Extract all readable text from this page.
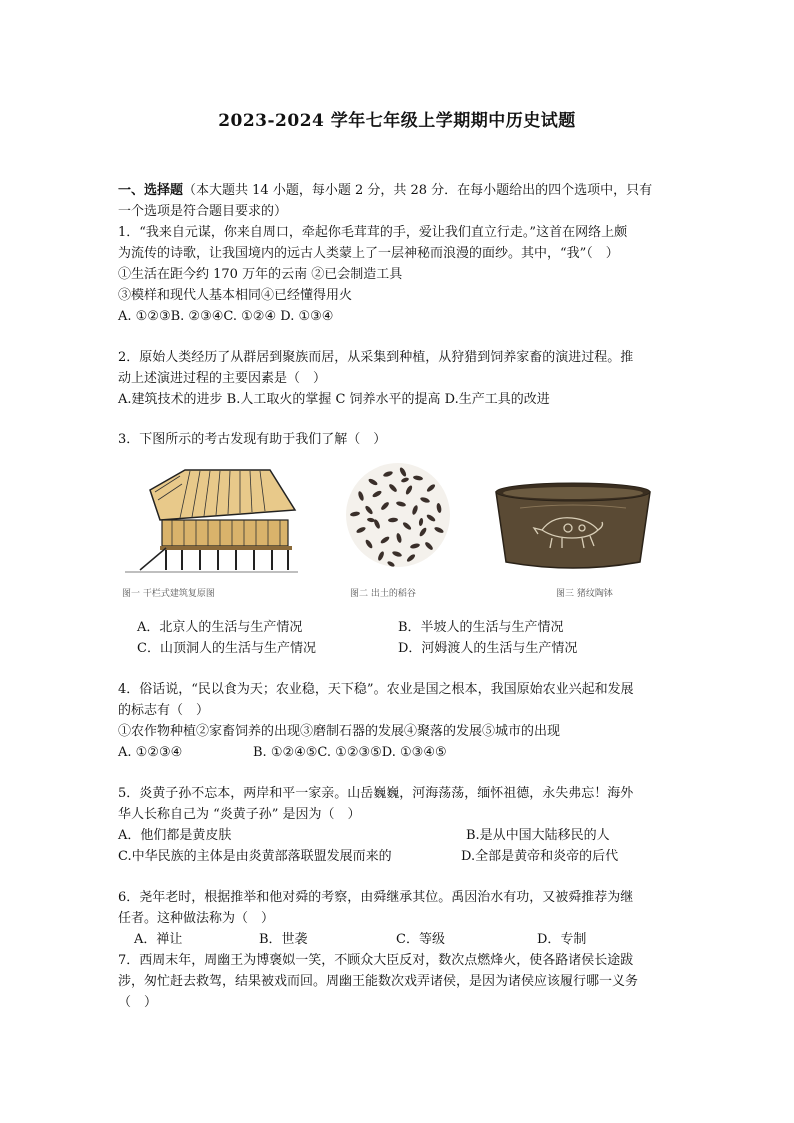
2023-2024 学年七年级上学期期中历史试题
一、选择题（本大题共 14 小题，每小题 2 分，共 28 分．在每小题给出的四个选项中，只有
一个选项是符合题目要求的）
1．“我来自元谋，你来自周口，牵起你毛茸茸的手，爱让我们直立行走。”这首在网络上颇
为流传的诗歌，让我国境内的远古人类蒙上了一层神秘而浪漫的面纱。其中，“我”（　）
①生活在距今约 170 万年的云南 ②已会制造工具
③模样和现代人基本相同④已经懂得用火
A. ①②③B. ②③④C. ①②④ D. ①③④
2．原始人类经历了从群居到聚族而居，从采集到种植，从狩猎到饲养家畜的演进过程。推
动上述演进过程的主要因素是（　）
A.建筑技术的进步 B.人工取火的掌握 C 饲养水平的提高 D.生产工具的改进
3．下图所示的考古发现有助于我们了解（　）
图一 干栏式建筑复原图	图二 出土的稻谷	图三 猪纹陶钵
A．北京人的生活与生产情况	B．半坡人的生活与生产情况
C．山顶洞人的生活与生产情况	D．河姆渡人的生活与生产情况
4．俗话说，“民以食为天；农业稳，天下稳”。农业是国之根本，我国原始农业兴起和发展
的标志有（　）
①农作物种植②家畜饲养的出现③磨制石器的发展④聚落的发展⑤城市的出现
A. ①②③④	B. ①②④⑤C. ①②③⑤D. ①③④⑤
5．炎黄子孙不忘本，两岸和平一家亲。山岳巍巍，河海荡荡，缅怀祖德，永失弗忘！海外
华人长称自己为 “炎黄子孙” 是因为（　）
A．他们都是黄皮肤	B.是从中国大陆移民的人
C.中华民族的主体是由炎黄部落联盟发展而来的	D.全部是黄帝和炎帝的后代
6．尧年老时，根据推举和他对舜的考察，由舜继承其位。禹因治水有功，又被舜推荐为继
任者。这种做法称为（　）
A．禅让	B．世袭	C．等级	D．专制
7．西周末年，周幽王为博褒姒一笑，不顾众大臣反对，数次点燃烽火，使各路诸侯长途跋
涉，匆忙赶去救驾，结果被戏而回。周幽王能数次戏弄诸侯，是因为诸侯应该履行哪一义务
（　）
